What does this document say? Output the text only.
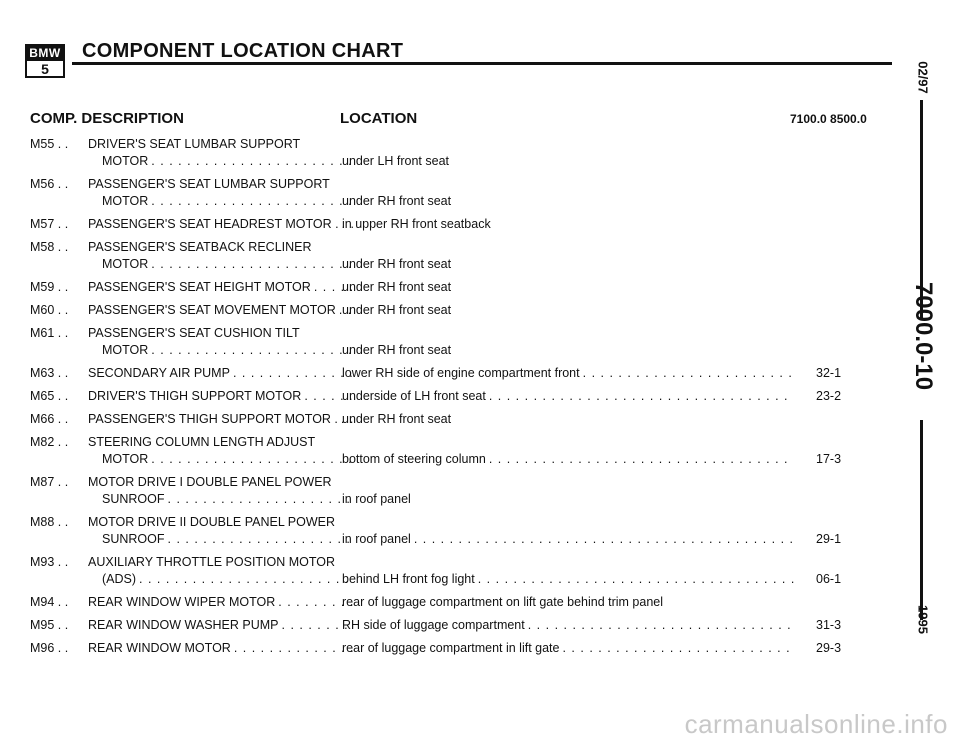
BMW
5
COMPONENT LOCATION CHART
COMP. DESCRIPTION	LOCATION	7100.0 8500.0
M55 . .	DRIVER'S SEAT LUMBAR SUPPORT
MOTOR . . .	under LH front seat
M56 . .	PASSENGER'S SEAT LUMBAR SUPPORT
MOTOR . . .	under RH front seat
M57 . .	PASSENGER'S SEAT HEADREST MOTOR . . . . in upper RH front seatback
M58 . .	PASSENGER'S SEATBACK RECLINER
MOTOR . . .	under RH front seat
M59 . .	PASSENGER'S SEAT HEIGHT MOTOR . . . under RH front seat
M60 . .	PASSENGER'S SEAT MOVEMENT MOTOR . . . under RH front seat
M61 . .	PASSENGER'S SEAT CUSHION TILT
MOTOR . . .	under RH front seat
M63 . .	SECONDARY AIR PUMP . . .	lower RH side of engine compartment front . . .	32-1
M65 . .	DRIVER'S THIGH SUPPORT MOTOR . . .	underside of LH front seat . . .	23-2
M66 . .	PASSENGER'S THIGH SUPPORT MOTOR . . . . under RH front seat
M82 . .	STEERING COLUMN LENGTH ADJUST
MOTOR . . .	bottom of steering column . . .	17-3
M87 . .	MOTOR DRIVE I DOUBLE PANEL POWER
SUNROOF . . .	in roof panel
M88 . .	MOTOR DRIVE II DOUBLE PANEL POWER
SUNROOF . . .	in roof panel . . .	29-1
M93 . .	AUXILIARY THROTTLE POSITION MOTOR
(ADS) . . .	behind LH front fog light . . .	06-1
M94 . .	REAR WINDOW WIPER MOTOR . . .	rear of luggage compartment on lift gate behind trim panel
M95 . .	REAR WINDOW WASHER PUMP . . .	RH side of luggage compartment . . .	31-3
M96 . .	REAR WINDOW MOTOR . . .	rear of luggage compartment in lift gate . . .	29-3
02/97
7000.0-10
1995
carmanualsonline.info
